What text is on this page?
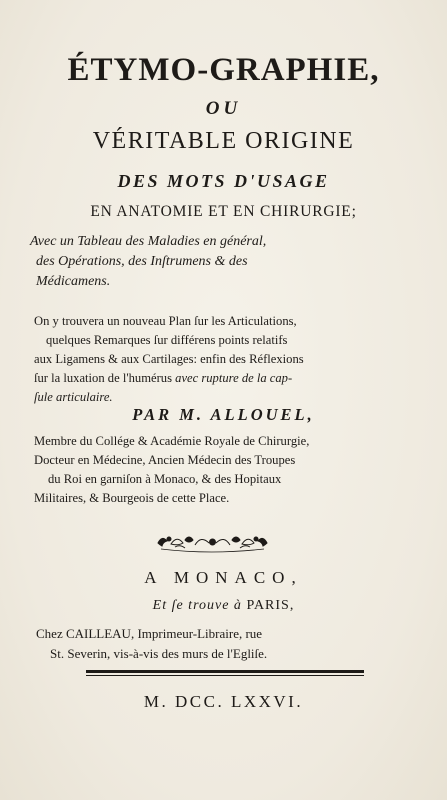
ÉTYMO-GRAPHIE,
OU
VÉRITABLE ORIGINE
DES MOTS D'USAGE
EN ANATOMIE ET EN CHIRURGIE;
Avec un Tableau des Maladies en général,
des Opérations, des Inſtrumens & des
Médicamens.
On y trouvera un nouveau Plan ſur les Articulations,
quelques Remarques ſur différens points relatifs
aux Ligamens & aux Cartilages: enfin des Réflexions
ſur la luxation de l'humérus avec rupture de la cap-
ſule articulaire.
PAR M. ALLOUEL,
Membre du Collége & Académie Royale de Chirurgie,
Docteur en Médecine, Ancien Médecin des Troupes
du Roi en garniſon à Monaco, & des Hopitaux
Militaires, & Bourgeois de cette Place.
A MONACO,
Et ſe trouve à PARIS,
Chez CAILLEAU, Imprimeur-Libraire, rue
St. Severin, vis-à-vis des murs de l'Egliſe.
M. DCC. LXXVI.
